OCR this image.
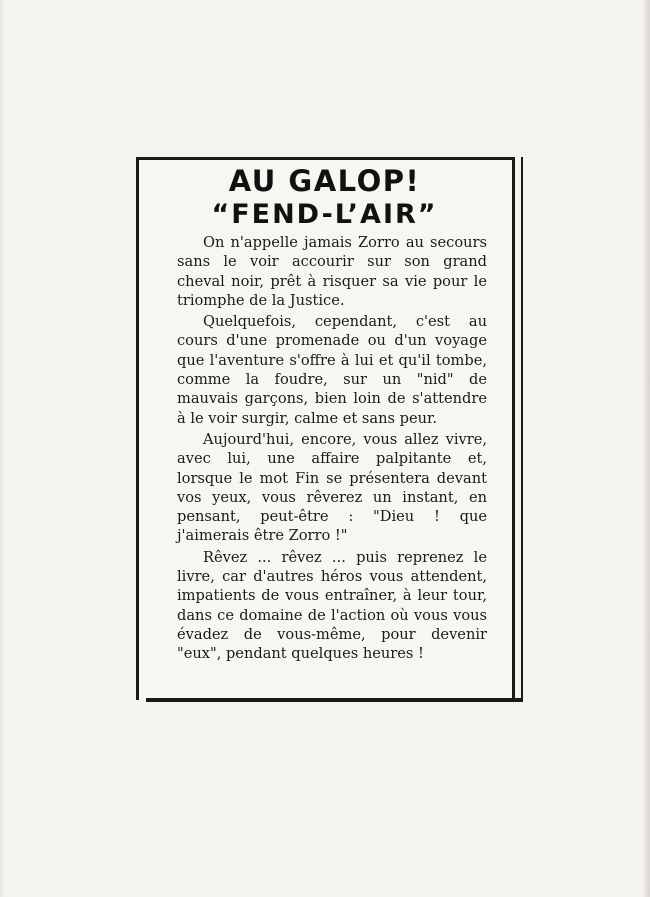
AU GALOP!
“FEND-L’AIR”

On n'appelle jamais Zorro au secours sans le voir accourir sur son grand cheval noir, prêt à risquer sa vie pour le triomphe de la Justice.

Quelquefois, cependant, c'est au cours d'une promenade ou d'un voyage que l'aventure s'offre à lui et qu'il tombe, comme la foudre, sur un "nid" de mauvais garçons, bien loin de s'attendre à le voir surgir, calme et sans peur.

Aujourd'hui, encore, vous allez vivre, avec lui, une affaire palpitante et, lorsque le mot Fin se présentera devant vos yeux, vous rêverez un instant, en pensant, peut-être : "Dieu ! que j'aimerais être Zorro !"

Rêvez ... rêvez ... puis reprenez le livre, car d'autres héros vous attendent, impatients de vous entraîner, à leur tour, dans ce domaine de l'action où vous vous évadez de vous-même, pour devenir "eux", pendant quelques heures !
